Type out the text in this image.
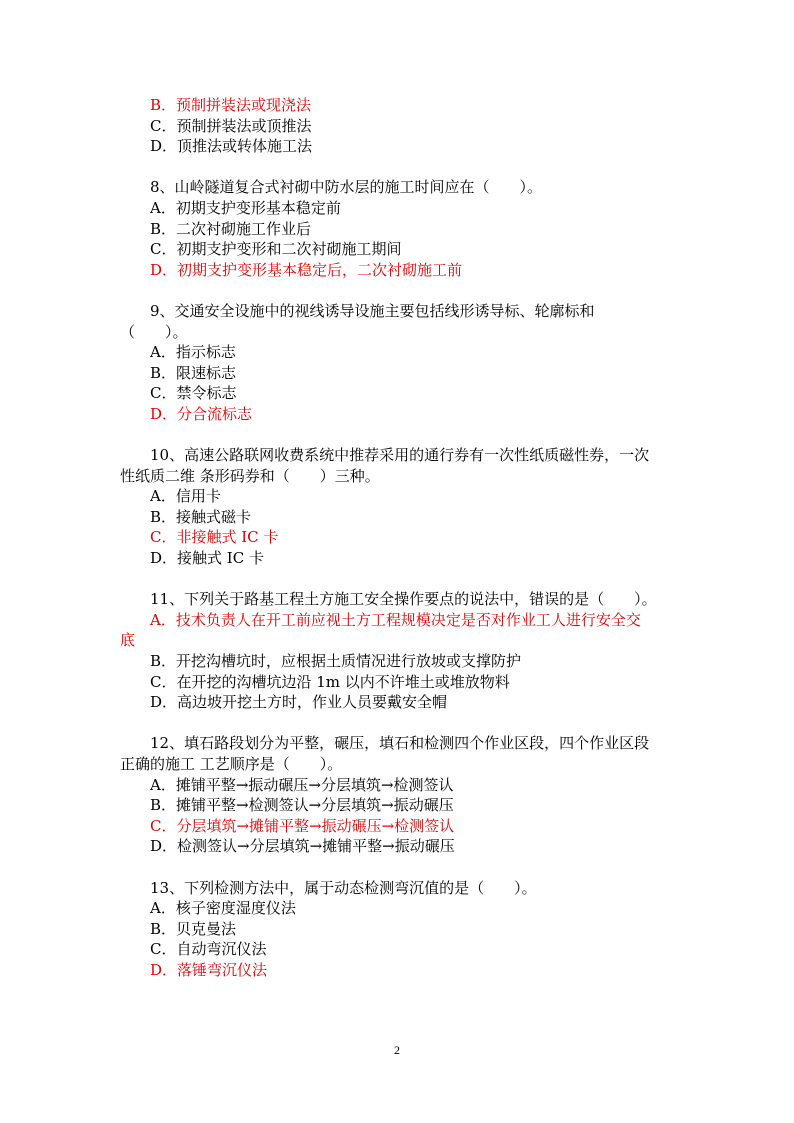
B．预制拼装法或现浇法
C．预制拼装法或顶推法
D．顶推法或转体施工法
8、山岭隧道复合式衬砌中防水层的施工时间应在（　　）。
A．初期支护变形基本稳定前
B．二次衬砌施工作业后
C．初期支护变形和二次衬砌施工期间
D．初期支护变形基本稳定后，二次衬砌施工前
9、交通安全设施中的视线诱导设施主要包括线形诱导标、轮廓标和
（　　）。
A．指示标志
B．限速标志
C．禁令标志
D．分合流标志
10、高速公路联网收费系统中推荐采用的通行券有一次性纸质磁性券，一次
性纸质二维 条形码券和（　　）三种。
A．信用卡
B．接触式磁卡
C．非接触式 IC 卡
D．接触式 IC 卡
11、下列关于路基工程土方施工安全操作要点的说法中，错误的是（　　）。
A．技术负责人在开工前应视土方工程规模决定是否对作业工人进行安全交
底
B．开挖沟槽坑时，应根据土质情况进行放坡或支撑防护
C．在开挖的沟槽坑边沿 1m 以内不许堆土或堆放物料
D．高边坡开挖土方时，作业人员要戴安全帽
12、填石路段划分为平整，碾压，填石和检测四个作业区段，四个作业区段
正确的施工 工艺顺序是（　　）。
A．摊铺平整→振动碾压→分层填筑→检测签认
B．摊铺平整→检测签认→分层填筑→振动碾压
C．分层填筑→摊铺平整→振动碾压→检测签认
D．检测签认→分层填筑→摊铺平整→振动碾压
13、下列检测方法中，属于动态检测弯沉值的是（　　）。
A．核子密度湿度仪法
B．贝克曼法
C．自动弯沉仪法
D．落锤弯沉仪法
2
